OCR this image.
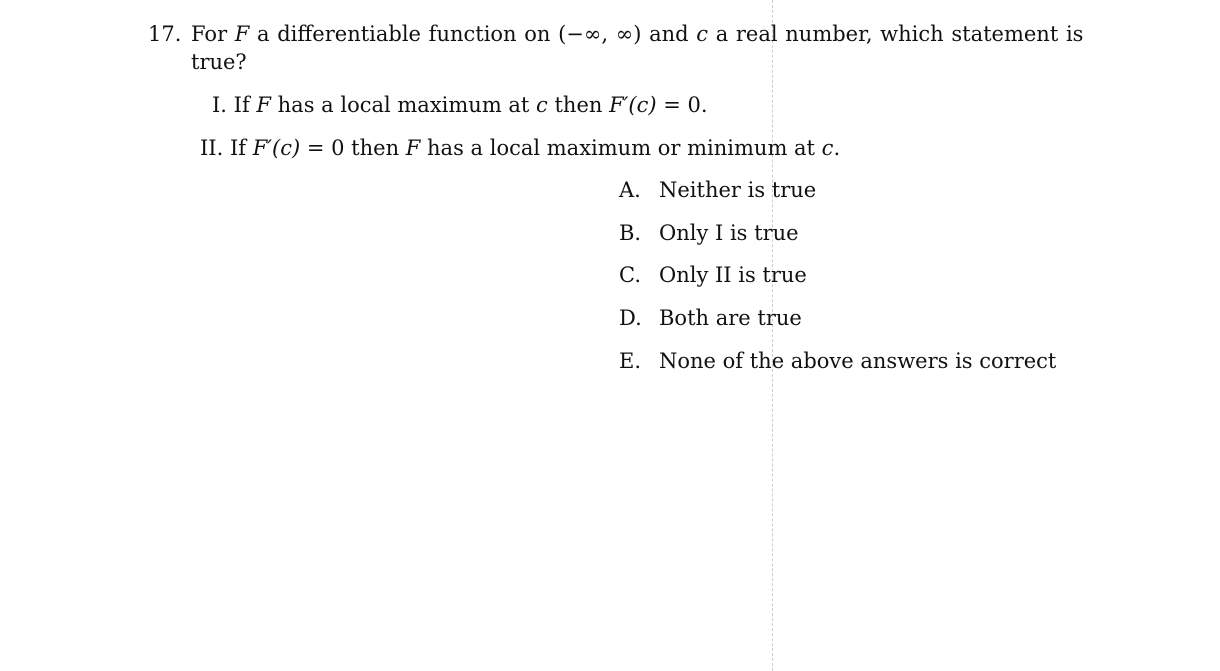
17. For F a differentiable function on (−∞, ∞) and c a real number, which statement is true?
I. If F has a local maximum at c then F′(c) = 0.
II. If F′(c) = 0 then F has a local maximum or minimum at c.
A. Neither is true
B. Only I is true
C. Only II is true
D. Both are true
E. None of the above answers is correct
